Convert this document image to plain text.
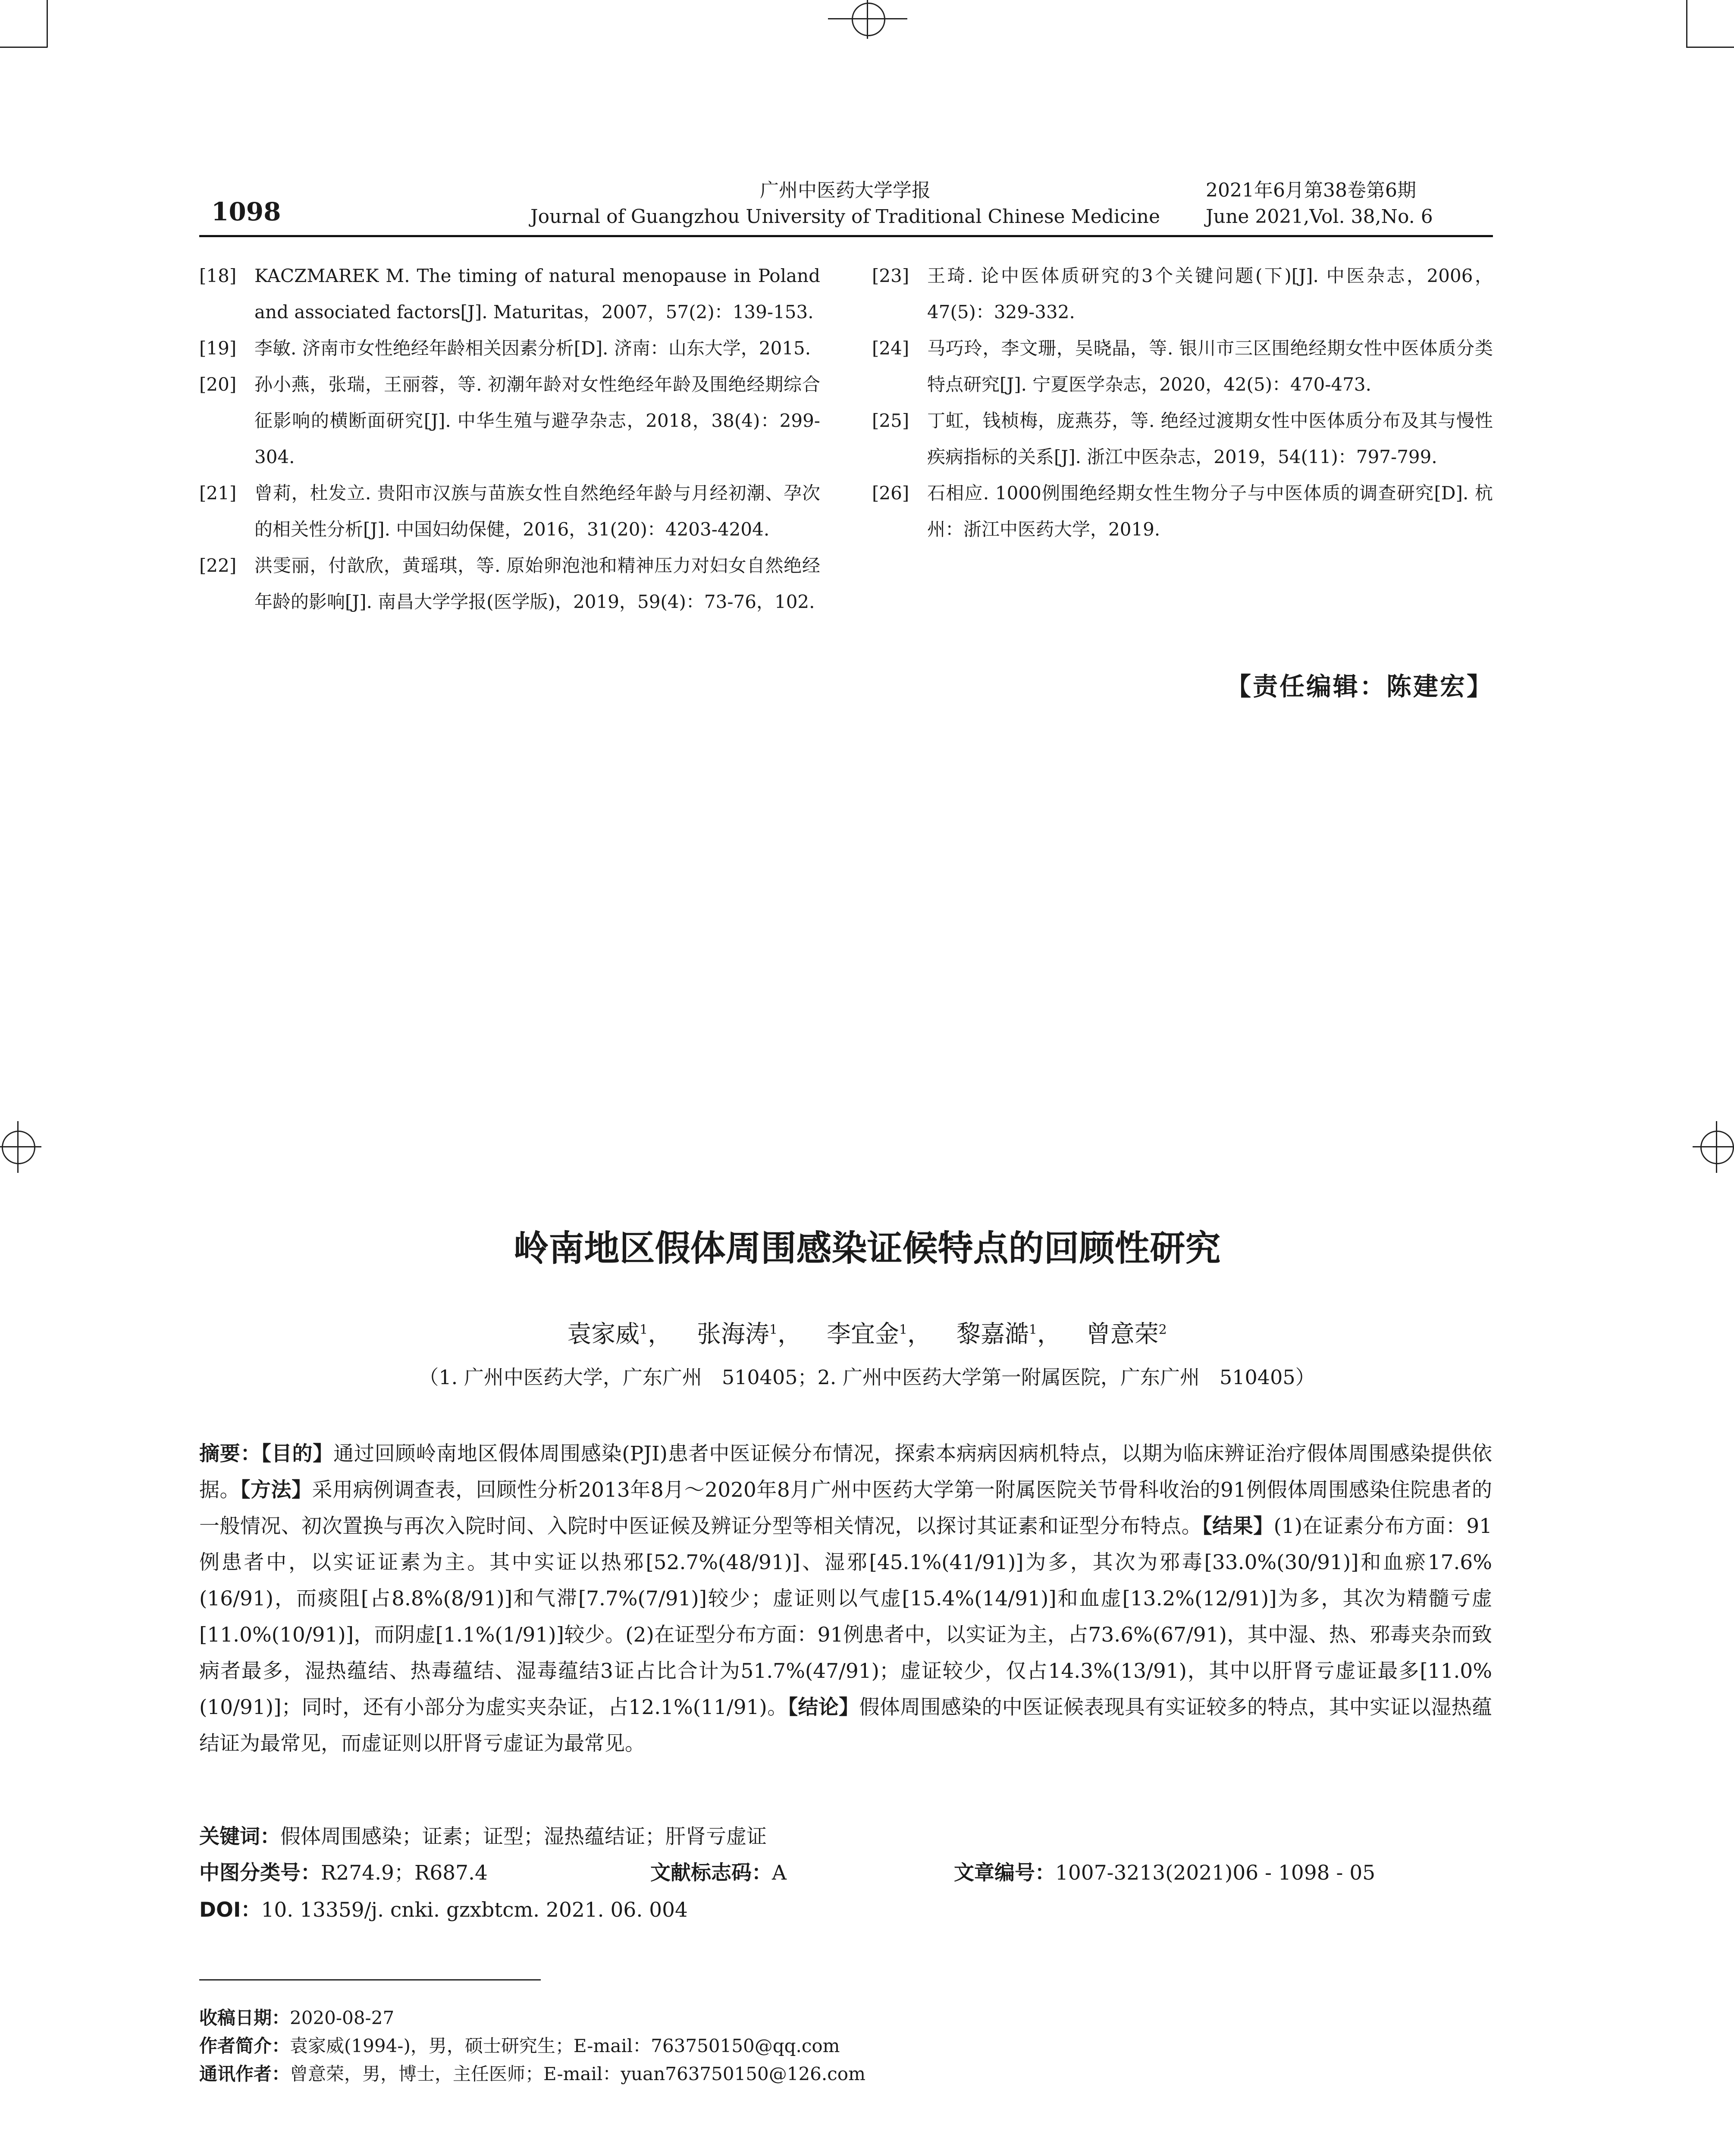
1098
广州中医药大学学报
Journal of Guangzhou University of Traditional Chinese Medicine
2021年6月第38卷第6期
June 2021,Vol. 38,No. 6
[18] KACZMAREK M. The timing of natural menopause in Poland and associated factors[J]. Maturitas，2007，57(2)：139-153.
[19] 李敏. 济南市女性绝经年龄相关因素分析[D]. 济南：山东大学，2015.
[20] 孙小燕，张瑞，王丽蓉，等. 初潮年龄对女性绝经年龄及围绝经期综合征影响的横断面研究[J]. 中华生殖与避孕杂志，2018，38(4)：299-304.
[21] 曾莉，杜发立. 贵阳市汉族与苗族女性自然绝经年龄与月经初潮、孕次的相关性分析[J]. 中国妇幼保健，2016，31(20)：4203-4204.
[22] 洪雯丽，付歆欣，黄瑶琪，等. 原始卵泡池和精神压力对妇女自然绝经年龄的影响[J]. 南昌大学学报(医学版)，2019，59(4)：73-76，102.
[23] 王琦. 论中医体质研究的3个关键问题(下)[J]. 中医杂志，2006，47(5)：329-332.
[24] 马巧玲，李文珊，吴晓晶，等. 银川市三区围绝经期女性中医体质分类特点研究[J]. 宁夏医学杂志，2020，42(5)：470-473.
[25] 丁虹，钱桢梅，庞燕芬，等. 绝经过渡期女性中医体质分布及其与慢性疾病指标的关系[J]. 浙江中医杂志，2019，54(11)：797-799.
[26] 石相应. 1000例围绝经期女性生物分子与中医体质的调查研究[D]. 杭州：浙江中医药大学，2019.
【责任编辑：陈建宏】
岭南地区假体周围感染证候特点的回顾性研究
袁家威$^1$， 张海涛$^1$， 李宜金$^1$， 黎嘉澔$^1$， 曾意荣$^2$
（1. 广州中医药大学，广东广州　510405；2. 广州中医药大学第一附属医院，广东广州　510405）
摘要：【目的】通过回顾岭南地区假体周围感染(PJI)患者中医证候分布情况，探索本病病因病机特点，以期为临床辨证治疗假体周围感染提供依据。【方法】采用病例调查表，回顾性分析2013年8月～2020年8月广州中医药大学第一附属医院关节骨科收治的91例假体周围感染住院患者的一般情况、初次置换与再次入院时间、入院时中医证候及辨证分型等相关情况，以探讨其证素和证型分布特点。【结果】(1)在证素分布方面：91例患者中，以实证证素为主。其中实证以热邪[52.7%(48/91)]、湿邪[45.1%(41/91)]为多，其次为邪毒[33.0%(30/91)]和血瘀17.6%(16/91)，而痰阻[占8.8%(8/91)]和气滞[7.7%(7/91)]较少；虚证则以气虚[15.4%(14/91)]和血虚[13.2%(12/91)]为多，其次为精髓亏虚[11.0%(10/91)]，而阴虚[1.1%(1/91)]较少。(2)在证型分布方面：91例患者中，以实证为主，占73.6%(67/91)，其中湿、热、邪毒夹杂而致病者最多，湿热蕴结、热毒蕴结、湿毒蕴结3证占比合计为51.7%(47/91)；虚证较少，仅占14.3%(13/91)，其中以肝肾亏虚证最多[11.0%(10/91)]；同时，还有小部分为虚实夹杂证，占12.1%(11/91)。【结论】假体周围感染的中医证候表现具有实证较多的特点，其中实证以湿热蕴结证为最常见，而虚证则以肝肾亏虚证为最常见。
关键词：假体周围感染；证素；证型；湿热蕴结证；肝肾亏虚证
中图分类号：R274.9；R687.4	文献标志码：A	文章编号：1007-3213(2021)06 - 1098 - 05
DOI：10. 13359/j. cnki. gzxbtcm. 2021. 06. 004
收稿日期：2020-08-27
作者简介：袁家威(1994-)，男，硕士研究生；E-mail：763750150@qq.com
通讯作者：曾意荣，男，博士，主任医师；E-mail：yuan763750150@126.com
